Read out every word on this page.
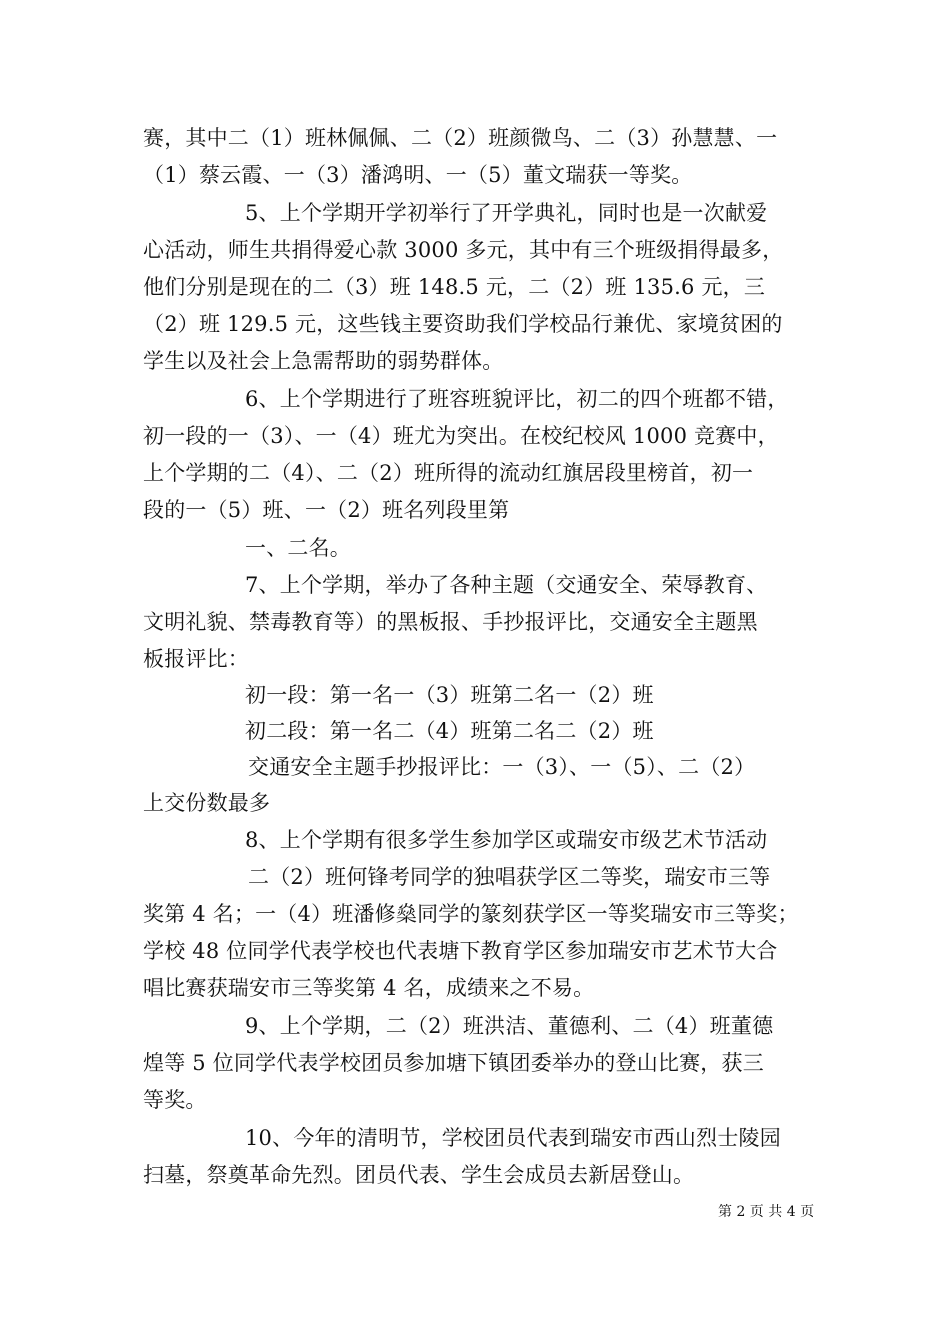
赛，其中二（1）班林佩佩、二（2）班颜微鸟、二（3）孙慧慧、一
（1）蔡云霞、一（3）潘鸿明、一（5）董文瑞获一等奖。
5、上个学期开学初举行了开学典礼，同时也是一次献爱
心活动，师生共捐得爱心款 3000 多元，其中有三个班级捐得最多，
他们分别是现在的二（3）班 148.5 元，二（2）班 135.6 元，三
（2）班 129.5 元，这些钱主要资助我们学校品行兼优、家境贫困的
学生以及社会上急需帮助的弱势群体。
6、上个学期进行了班容班貌评比，初二的四个班都不错，
初一段的一（3）、一（4）班尤为突出。在校纪校风 1000 竞赛中，
上个学期的二（4）、二（2）班所得的流动红旗居段里榜首，初一
段的一（5）班、一（2）班名列段里第
一、二名。
7、上个学期，举办了各种主题（交通安全、荣辱教育、
文明礼貌、禁毒教育等）的黑板报、手抄报评比，交通安全主题黑
板报评比：
初一段：第一名一（3）班第二名一（2）班
初二段：第一名二（4）班第二名二（2）班
交通安全主题手抄报评比：一（3）、一（5）、二（2）
上交份数最多
8、上个学期有很多学生参加学区或瑞安市级艺术节活动
二（2）班何锋考同学的独唱获学区二等奖，瑞安市三等
奖第 4 名；一（4）班潘修燊同学的篆刻获学区一等奖瑞安市三等奖；
学校 48 位同学代表学校也代表塘下教育学区参加瑞安市艺术节大合
唱比赛获瑞安市三等奖第 4 名，成绩来之不易。
9、上个学期，二（2）班洪洁、董德利、二（4）班董德
煌等 5 位同学代表学校团员参加塘下镇团委举办的登山比赛，获三
等奖。
10、今年的清明节，学校团员代表到瑞安市西山烈士陵园
扫墓，祭奠革命先烈。团员代表、学生会成员去新居登山。
第 2 页 共 4 页
